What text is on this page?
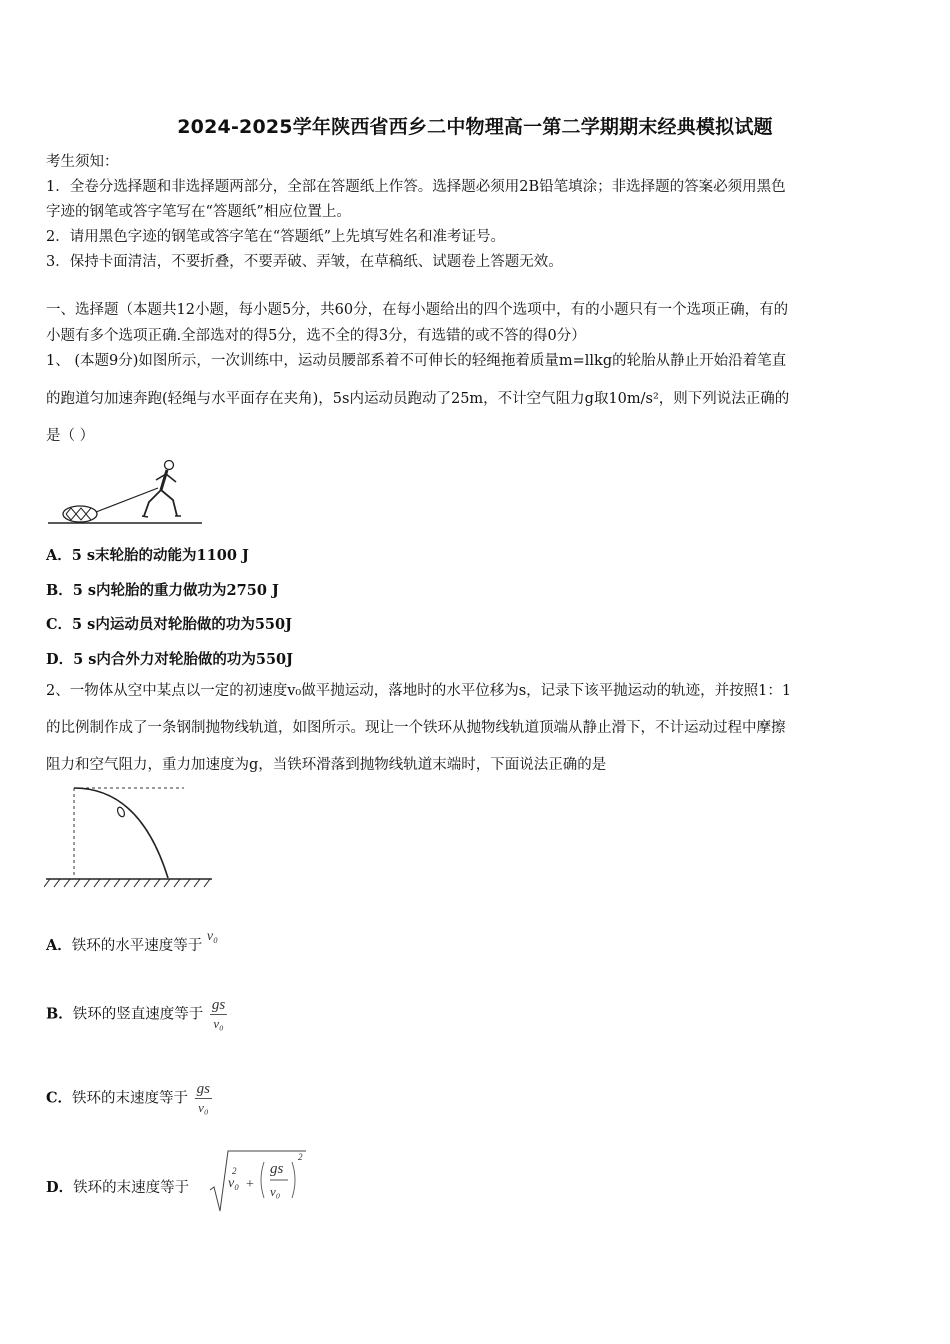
2024-2025学年陕西省西乡二中物理高一第二学期期末经典模拟试题
考生须知：
1．全卷分选择题和非选择题两部分，全部在答题纸上作答。选择题必须用2B铅笔填涂；非选择题的答案必须用黑色
字迹的钢笔或答字笔写在“答题纸”相应位置上。
2．请用黑色字迹的钢笔或答字笔在“答题纸”上先填写姓名和准考证号。
3．保持卡面清洁，不要折叠，不要弄破、弄皱，在草稿纸、试题卷上答题无效。
一、选择题（本题共12小题，每小题5分，共60分，在每小题给出的四个选项中，有的小题只有一个选项正确，有的
小题有多个选项正确.全部选对的得5分，选不全的得3分，有选错的或不答的得0分）
1、 (本题9分)如图所示，一次训练中，运动员腰部系着不可伸长的轻绳拖着质量m=llkg的轮胎从静止开始沿着笔直
的跑道匀加速奔跑(轻绳与水平面存在夹角)，5s内运动员跑动了25m，不计空气阻力g取10m/s²，则下列说法正确的
是（ ）
A．5 s末轮胎的动能为1100 J
B．5 s内轮胎的重力做功为2750 J
C．5 s内运动员对轮胎做的功为550J
D．5 s内合外力对轮胎做的功为550J
2、一物体从空中某点以一定的初速度v₀做平抛运动，落地时的水平位移为s，记录下该平抛运动的轨迹，并按照1：1
的比例制作成了一条钢制抛物线轨道，如图所示。现让一个铁环从抛物线轨道顶端从静止滑下，不计运动过程中摩擦
阻力和空气阻力，重力加速度为g，当铁环滑落到抛物线轨道末端时，下面说法正确的是
A．铁环的水平速度等于 v₀
B．铁环的竖直速度等于 $\frac{gs}{\text{v₀}}$
C．铁环的末速度等于 $\frac{gs}{\text{v₀}}$
D．铁环的末速度等于	v₀
2
+
gs
v₀
2
